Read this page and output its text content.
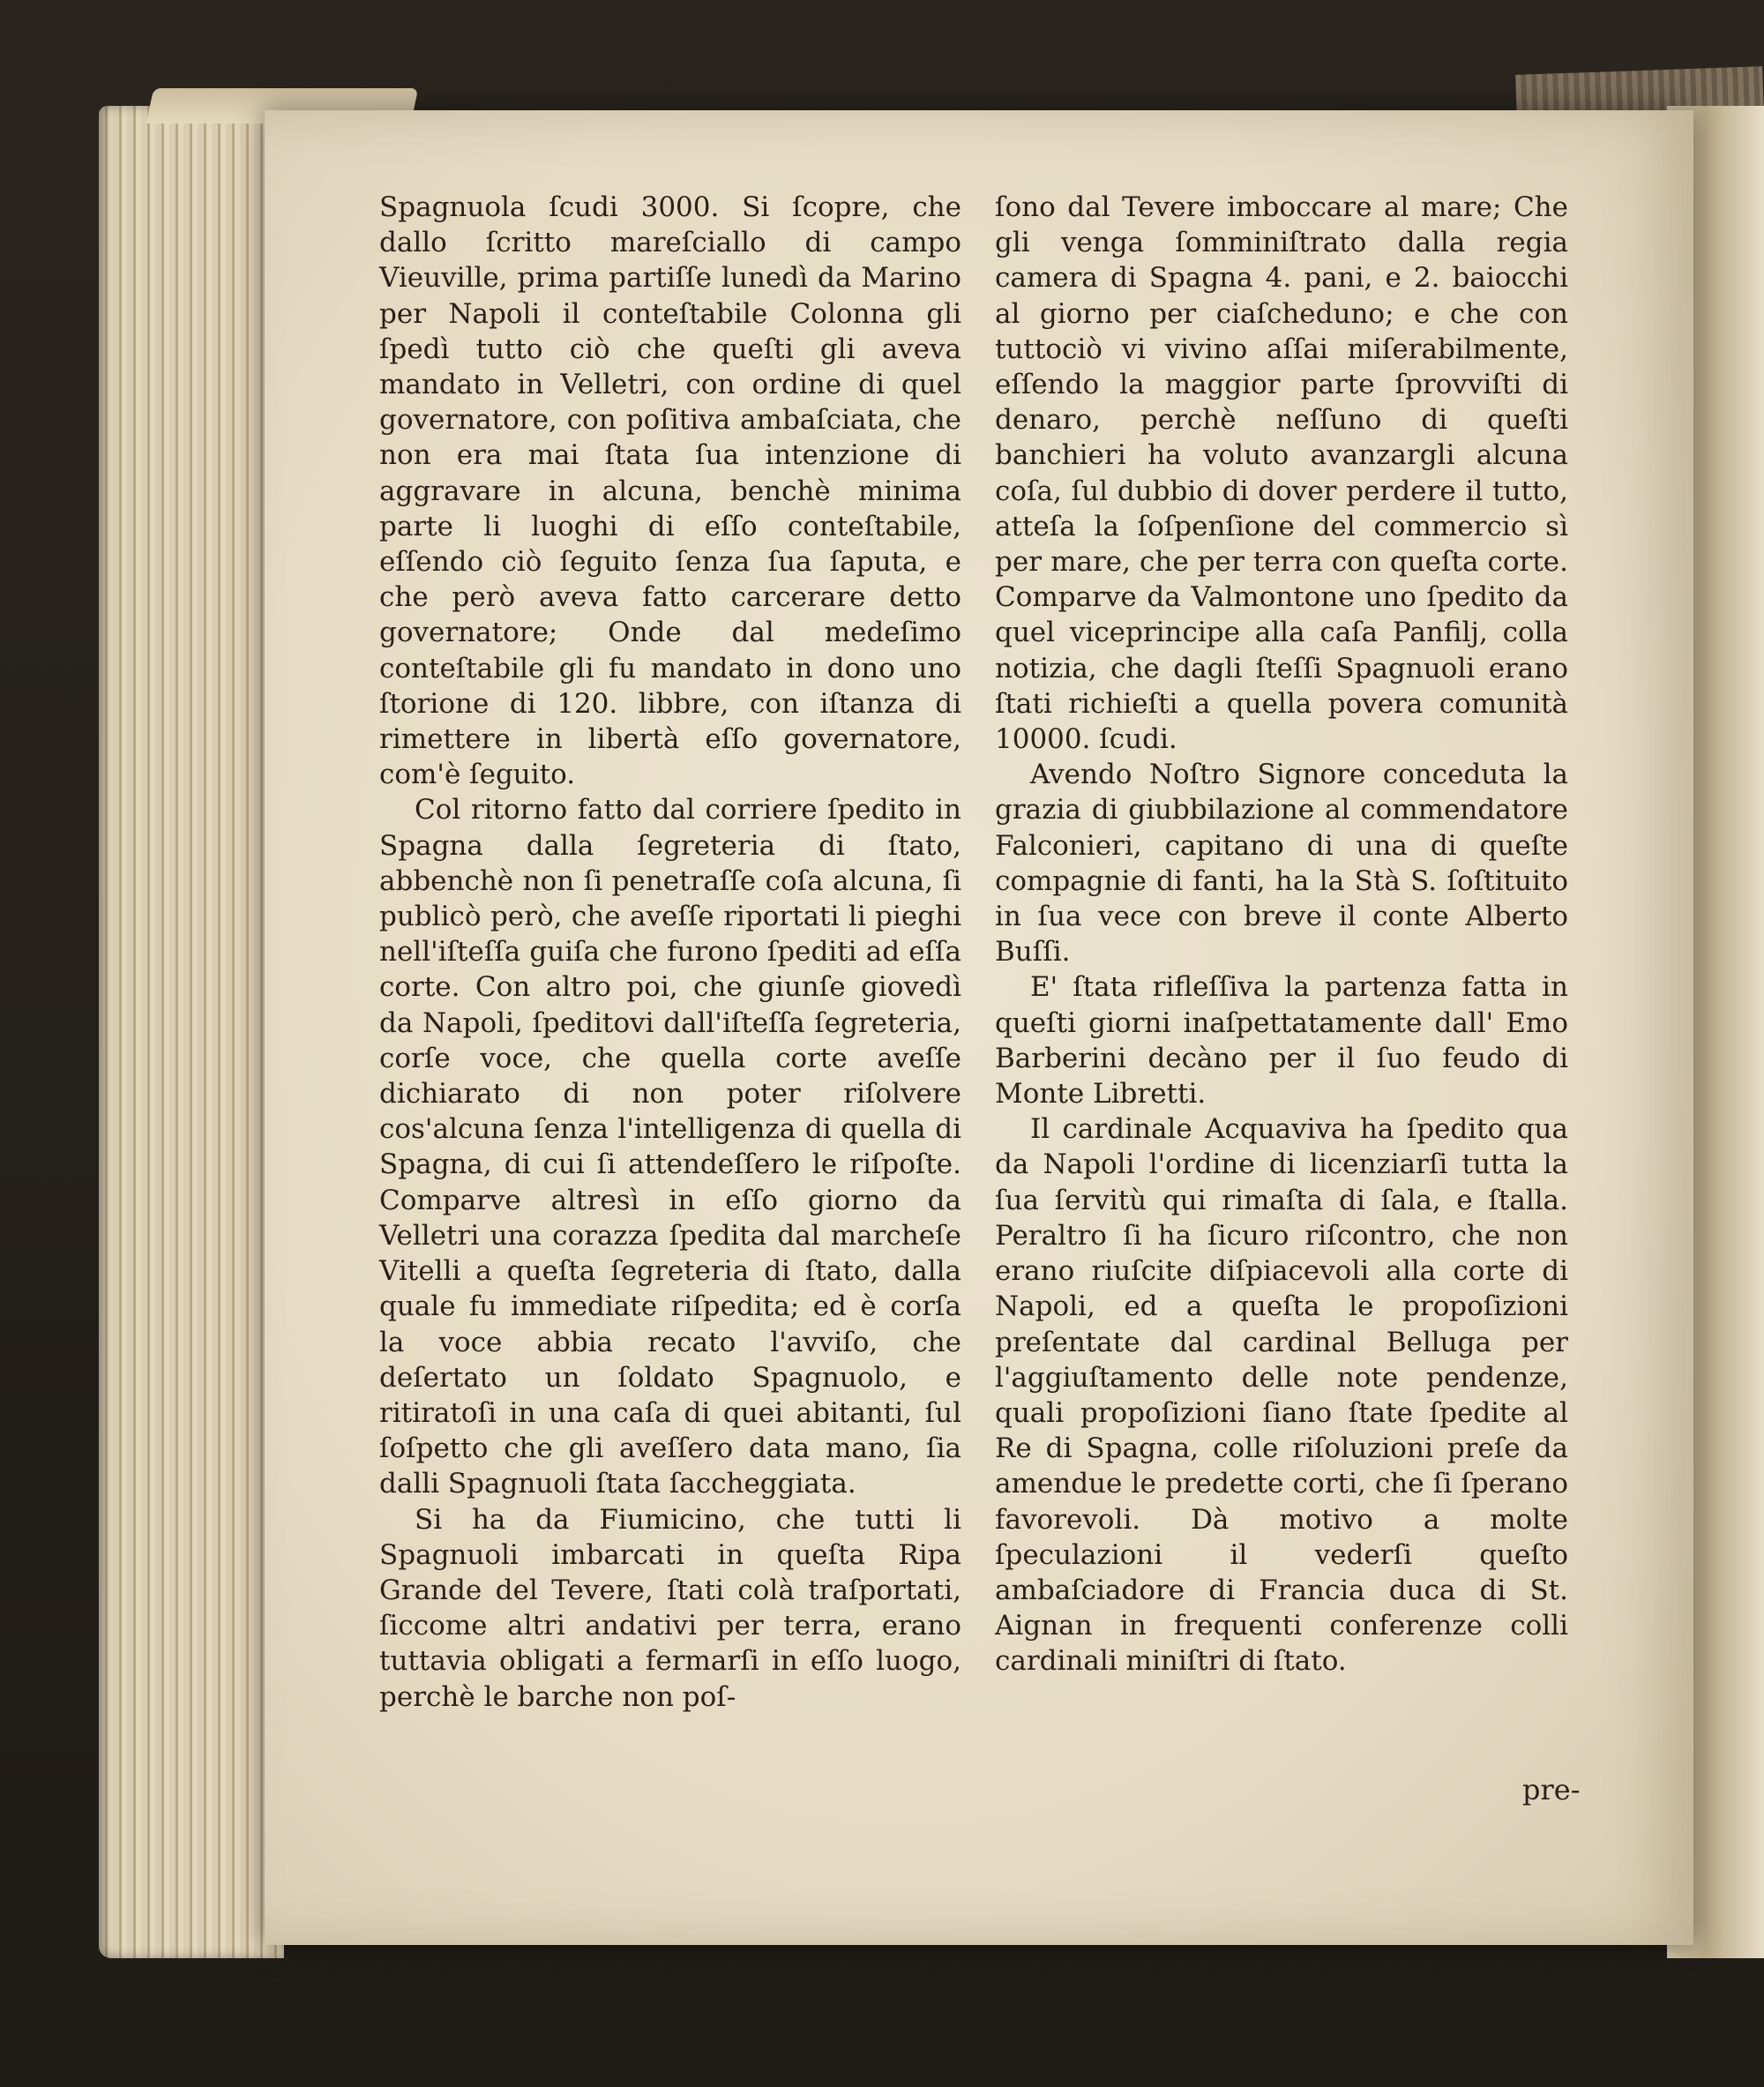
Spagnuola ſcudi 3000. Si ſcopre, che dallo ſcritto mareſciallo di campo Vieuville, prima partiſſe lunedì da Marino per Napoli il conteſtabile Colonna gli ſpedì tutto ciò che queſti gli aveva mandato in Velletri, con ordine di quel governatore, con poſitiva ambaſciata, che non era mai ſtata ſua intenzione di aggravare in alcuna, benchè minima parte li luoghi di eſſo conteſtabile, eſſendo ciò ſeguito ſenza ſua ſaputa, e che però aveva fatto carcerare detto governatore; Onde dal medeſimo conteſtabile gli fu mandato in dono uno ſtorione di 120. libbre, con iſtanza di rimettere in libertà eſſo governatore, com'è ſeguito.

Col ritorno fatto dal corriere ſpedito in Spagna dalla ſegreteria di ſtato, abbenchè non ſi penetraſſe coſa alcuna, ſi publicò però, che aveſſe riportati li pieghi nell'iſteſſa guiſa che furono ſpediti ad eſſa corte. Con altro poi, che giunſe giovedì da Napoli, ſpeditovi dall'iſteſſa ſegreteria, corſe voce, che quella corte aveſſe dichiarato di non poter riſolvere cos'alcuna ſenza l'intelligenza di quella di Spagna, di cui ſi attendeſſero le riſpoſte. Comparve altresì in eſſo giorno da Velletri una corazza ſpedita dal marcheſe Vitelli a queſta ſegreteria di ſtato, dalla quale fu immediate riſpedita; ed è corſa la voce abbia recato l'avviſo, che deſertato un ſoldato Spagnuolo, e ritiratoſi in una caſa di quei abitanti, ſul ſoſpetto che gli aveſſero data mano, ſia dalli Spagnuoli ſtata ſaccheggiata.

Si ha da Fiumicino, che tutti li Spagnuoli imbarcati in queſta Ripa Grande del Tevere, ſtati colà traſportati, ſiccome altri andativi per terra, erano tuttavia obligati a fermarſi in eſſo luogo, perchè le barche non poſ-

ſono dal Tevere imboccare al mare; Che gli venga ſomminiſtrato dalla regia camera di Spagna 4. pani, e 2. baiocchi al giorno per ciaſcheduno; e che con tuttociò vi vivino aſſai miſerabilmente, eſſendo la maggior parte ſprovviſti di denaro, perchè neſſuno di queſti banchieri ha voluto avanzargli alcuna coſa, ſul dubbio di dover perdere il tutto, atteſa la ſoſpenſione del commercio sì per mare, che per terra con queſta corte. Comparve da Valmontone uno ſpedito da quel viceprincipe alla caſa Panfilj, colla notizia, che dagli ſteſſi Spagnuoli erano ſtati richieſti a quella povera comunità 10000. ſcudi.

Avendo Noſtro Signore conceduta la grazia di giubbilazione al commendatore Falconieri, capitano di una di queſte compagnie di fanti, ha la Stà S. ſoſtituito in ſua vece con breve il conte Alberto Buſſi.

E' ſtata rifleſſiva la partenza fatta in queſti giorni inaſpettatamente dall' Emo Barberini decàno per il ſuo feudo di Monte Libretti.

Il cardinale Acquaviva ha ſpedito qua da Napoli l'ordine di licenziarſi tutta la ſua ſervitù qui rimaſta di ſala, e ſtalla. Peraltro ſi ha ſicuro riſcontro, che non erano riuſcite diſpiacevoli alla corte di Napoli, ed a queſta le propoſizioni preſentate dal cardinal Belluga per l'aggiuſtamento delle note pendenze, quali propoſizioni ſiano ſtate ſpedite al Re di Spagna, colle riſoluzioni preſe da amendue le predette corti, che ſi ſperano favorevoli. Dà motivo a molte ſpeculazioni il vederſi queſto ambaſciadore di Francia duca di St. Aignan in frequenti conferenze colli cardinali miniſtri di ſtato.

pre-
